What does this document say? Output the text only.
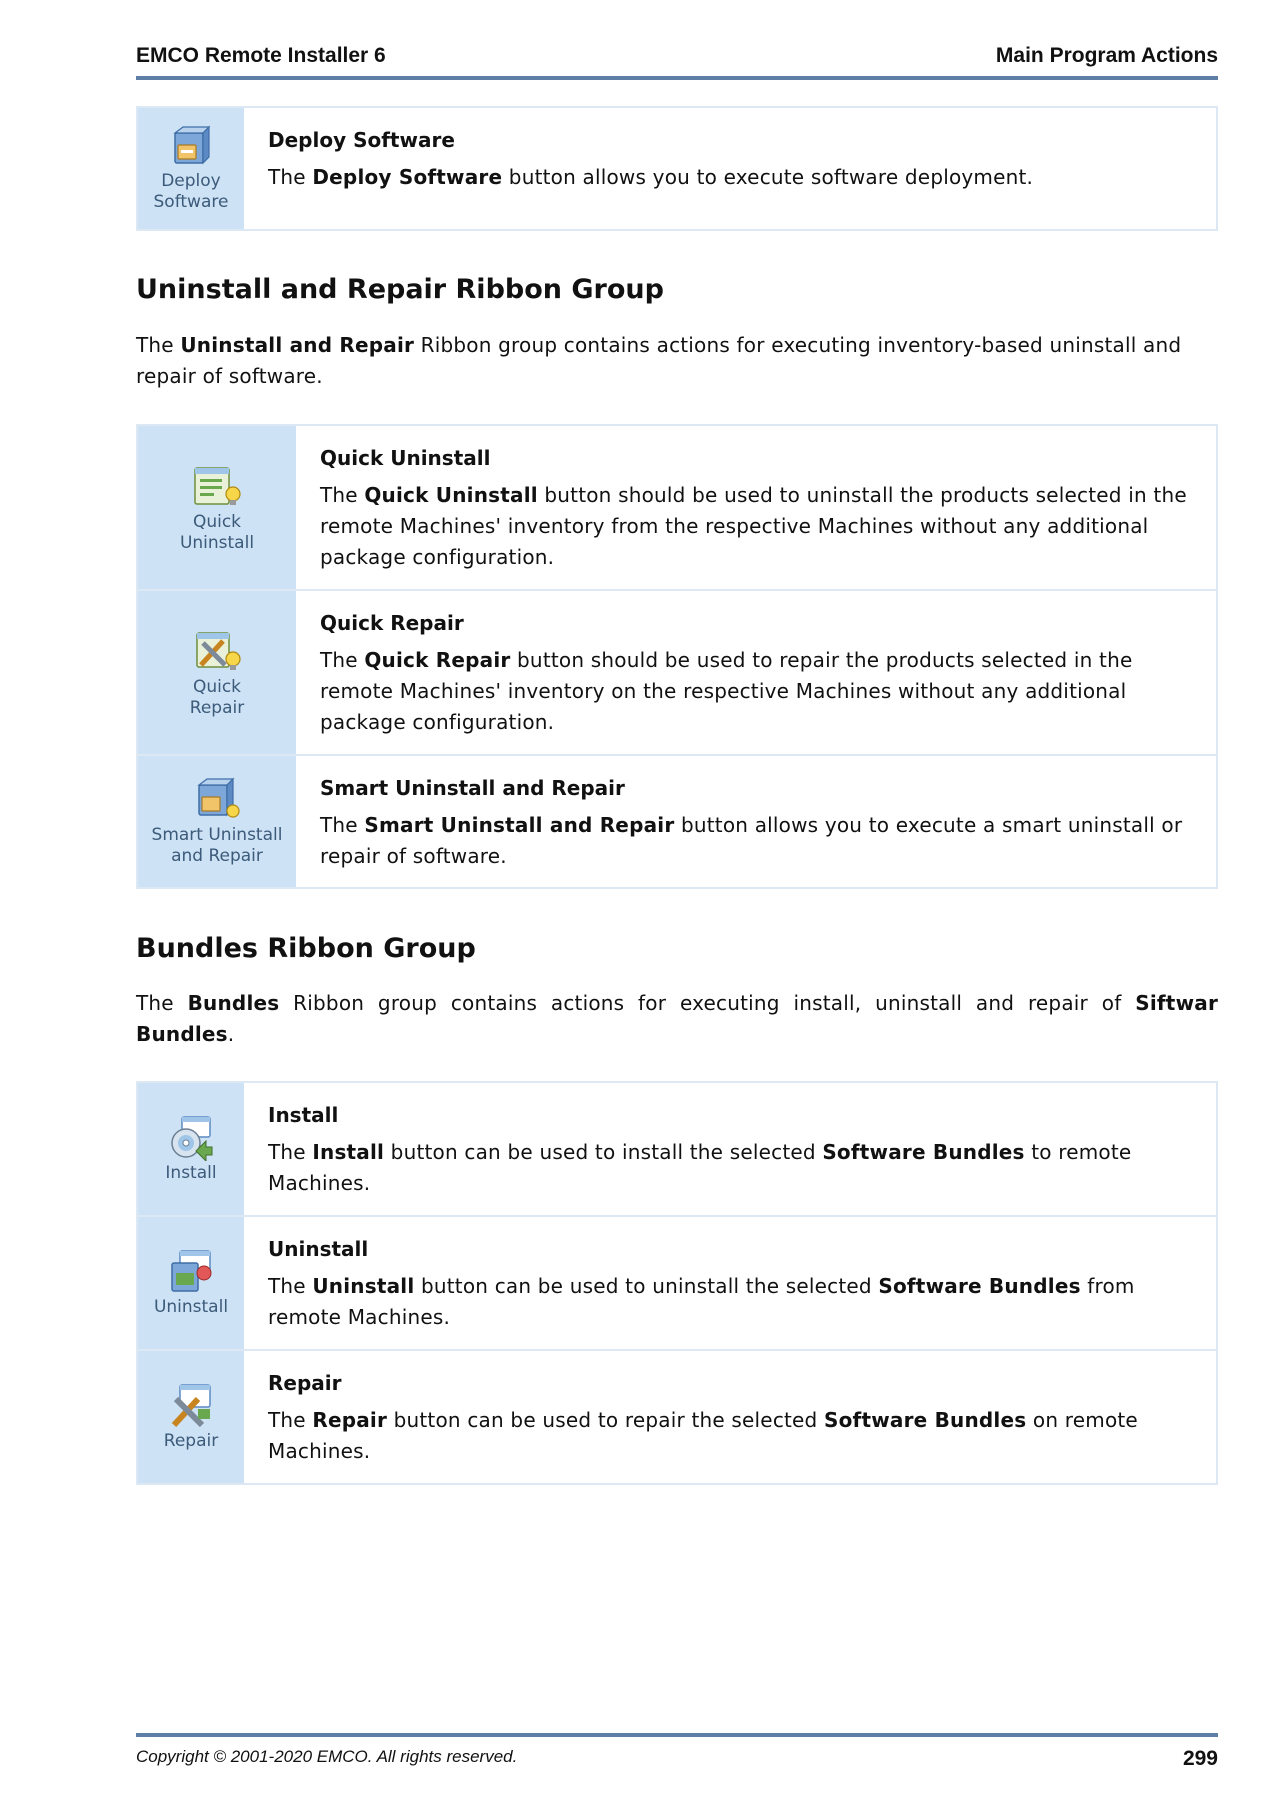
EMCO Remote Installer 6	Main Program Actions
Deploy
Software

Deploy Software

The Deploy Software button allows you to execute software deployment.

Uninstall and Repair Ribbon Group

The Uninstall and Repair Ribbon group contains actions for executing inventory-based uninstall and repair of software.

Quick
Uninstall

Quick Uninstall

The Quick Uninstall button should be used to uninstall the products selected in the remote Machines' inventory from the respective Machines without any additional package configuration.

Quick
Repair

Quick Repair

The Quick Repair button should be used to repair the products selected in the remote Machines' inventory on the respective Machines without any additional package configuration.

Smart Uninstall
and Repair

Smart Uninstall and Repair

The Smart Uninstall and Repair button allows you to execute a smart uninstall or repair of software.

Bundles Ribbon Group

The Bundles Ribbon group contains actions for executing install, uninstall and repair of Siftwar Bundles.

Install

Install

The Install button can be used to install the selected Software Bundles to remote Machines.

Uninstall

Uninstall

The Uninstall button can be used to uninstall the selected Software Bundles from remote Machines.

Repair

Repair

The Repair button can be used to repair the selected Software Bundles on remote Machines.

Copyright © 2001-2020 EMCO. All rights reserved.	299
